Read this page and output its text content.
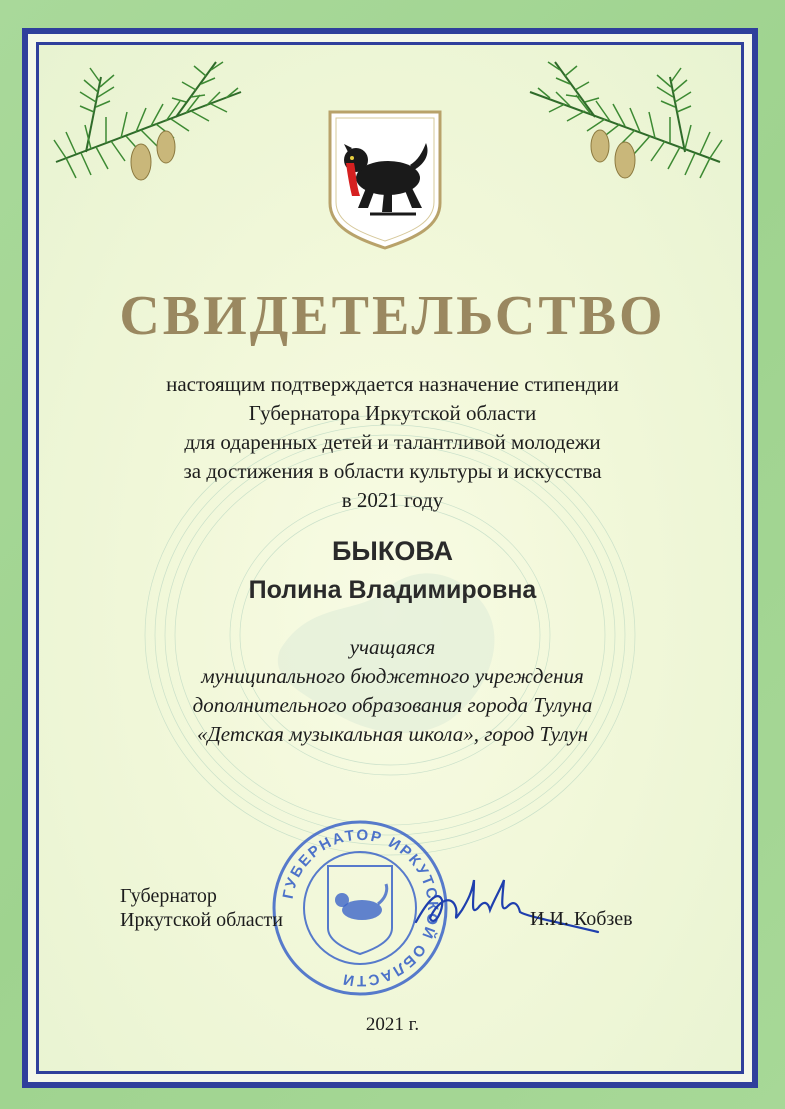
СВИДЕТЕЛЬСТВО
настоящим подтверждается назначение стипендии
Губернатора Иркутской области
для одаренных детей и талантливой молодежи
за достижения в области культуры и искусства
в 2021 году
БЫКОВА
Полина Владимировна
учащаяся
муниципального бюджетного учреждения
дополнительного образования города Тулуна
«Детская музыкальная школа», город Тулун
ГУБЕРНАТОР ИРКУТСКОЙ ОБЛАСТИ
Губернатор
Иркутской области	И.И. Кобзев
2021 г.
